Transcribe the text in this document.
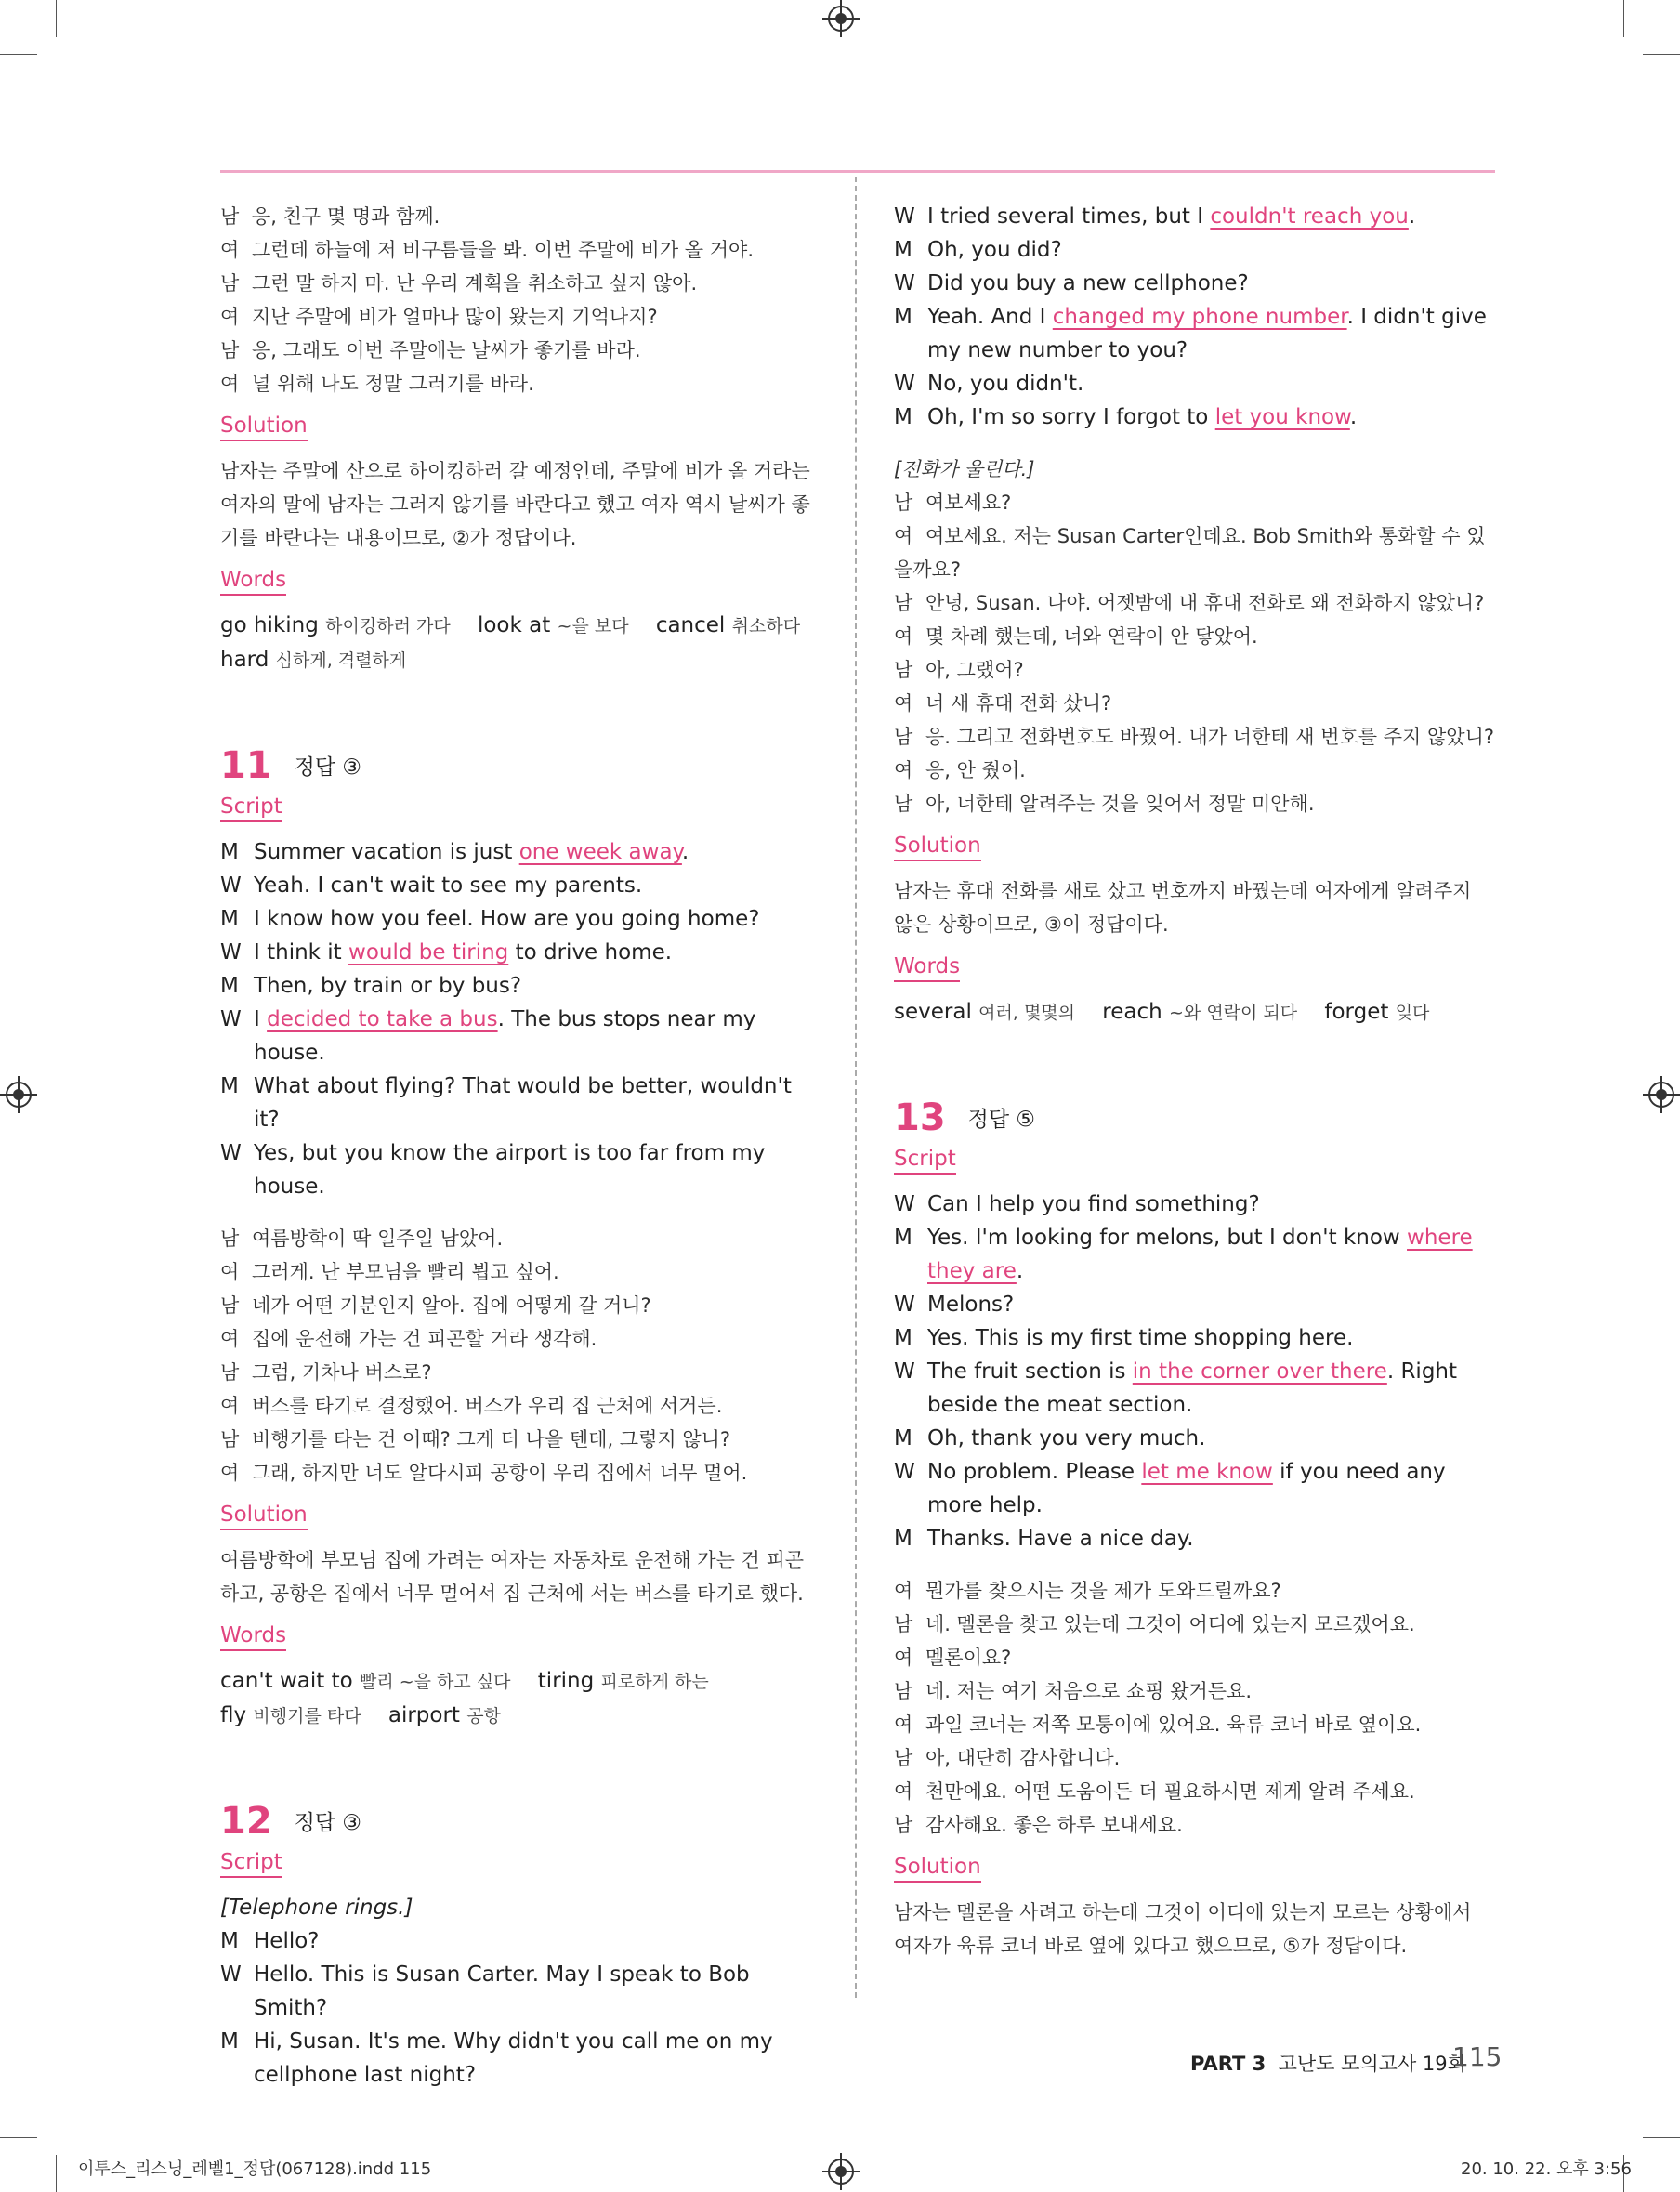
남 응, 친구 몇 명과 함께.
여 그런데 하늘에 저 비구름들을 봐. 이번 주말에 비가 올 거야.
남 그런 말 하지 마. 난 우리 계획을 취소하고 싶지 않아.
여 지난 주말에 비가 얼마나 많이 왔는지 기억나지?
남 응, 그래도 이번 주말에는 날씨가 좋기를 바라.
여 널 위해 나도 정말 그러기를 바라.
Solution
남자는 주말에 산으로 하이킹하러 갈 예정인데, 주말에 비가 올 거라는 여자의 말에 남자는 그러지 않기를 바란다고 했고 여자 역시 날씨가 좋기를 바란다는 내용이므로, ②가 정답이다.
Words
go hiking 하이킹하러 가다 look at ~을 보다 cancel 취소하다
hard 심하게, 격렬하게
11 정답 ③
Script
M Summer vacation is just one week away.
W Yeah. I can't wait to see my parents.
M I know how you feel. How are you going home?
W I think it would be tiring to drive home.
M Then, by train or by bus?
W I decided to take a bus. The bus stops near my house.
M What about flying? That would be better, wouldn't it?
W Yes, but you know the airport is too far from my house.
남 여름방학이 딱 일주일 남았어.
여 그러게. 난 부모님을 빨리 뵙고 싶어.
남 네가 어떤 기분인지 알아. 집에 어떻게 갈 거니?
여 집에 운전해 가는 건 피곤할 거라 생각해.
남 그럼, 기차나 버스로?
여 버스를 타기로 결정했어. 버스가 우리 집 근처에 서거든.
남 비행기를 타는 건 어때? 그게 더 나을 텐데, 그렇지 않니?
여 그래, 하지만 너도 알다시피 공항이 우리 집에서 너무 멀어.
Solution
여름방학에 부모님 집에 가려는 여자는 자동차로 운전해 가는 건 피곤하고, 공항은 집에서 너무 멀어서 집 근처에 서는 버스를 타기로 했다.
Words
can't wait to 빨리 ~을 하고 싶다 tiring 피로하게 하는
fly 비행기를 타다 airport 공항
12 정답 ③
Script
[Telephone rings.]
M Hello?
W Hello. This is Susan Carter. May I speak to Bob Smith?
M Hi, Susan. It's me. Why didn't you call me on my cellphone last night?
W I tried several times, but I couldn't reach you.
M Oh, you did?
W Did you buy a new cellphone?
M Yeah. And I changed my phone number. I didn't give my new number to you?
W No, you didn't.
M Oh, I'm so sorry I forgot to let you know.
[전화가 울린다.]
남 여보세요?
여 여보세요. 저는 Susan Carter인데요. Bob Smith와 통화할 수 있을까요?
남 안녕, Susan. 나야. 어젯밤에 내 휴대 전화로 왜 전화하지 않았니?
여 몇 차례 했는데, 너와 연락이 안 닿았어.
남 아, 그랬어?
여 너 새 휴대 전화 샀니?
남 응. 그리고 전화번호도 바꿨어. 내가 너한테 새 번호를 주지 않았니?
여 응, 안 줬어.
남 아, 너한테 알려주는 것을 잊어서 정말 미안해.
Solution
남자는 휴대 전화를 새로 샀고 번호까지 바꿨는데 여자에게 알려주지 않은 상황이므로, ③이 정답이다.
Words
several 여러, 몇몇의 reach ~와 연락이 되다 forget 잊다
13 정답 ⑤
Script
W Can I help you find something?
M Yes. I'm looking for melons, but I don't know where they are.
W Melons?
M Yes. This is my first time shopping here.
W The fruit section is in the corner over there. Right beside the meat section.
M Oh, thank you very much.
W No problem. Please let me know if you need any more help.
M Thanks. Have a nice day.
여 뭔가를 찾으시는 것을 제가 도와드릴까요?
남 네. 멜론을 찾고 있는데 그것이 어디에 있는지 모르겠어요.
여 멜론이요?
남 네. 저는 여기 처음으로 쇼핑 왔거든요.
여 과일 코너는 저쪽 모퉁이에 있어요. 육류 코너 바로 옆이요.
남 아, 대단히 감사합니다.
여 천만에요. 어떤 도움이든 더 필요하시면 제게 알려 주세요.
남 감사해요. 좋은 하루 보내세요.
Solution
남자는 멜론을 사려고 하는데 그것이 어디에 있는지 모르는 상황에서 여자가 육류 코너 바로 옆에 있다고 했으므로, ⑤가 정답이다.
PART 3 고난도 모의고사 19회
115
이투스_리스닝_레벨1_정답(067128).indd 115	20. 10. 22. 오후 3:56
